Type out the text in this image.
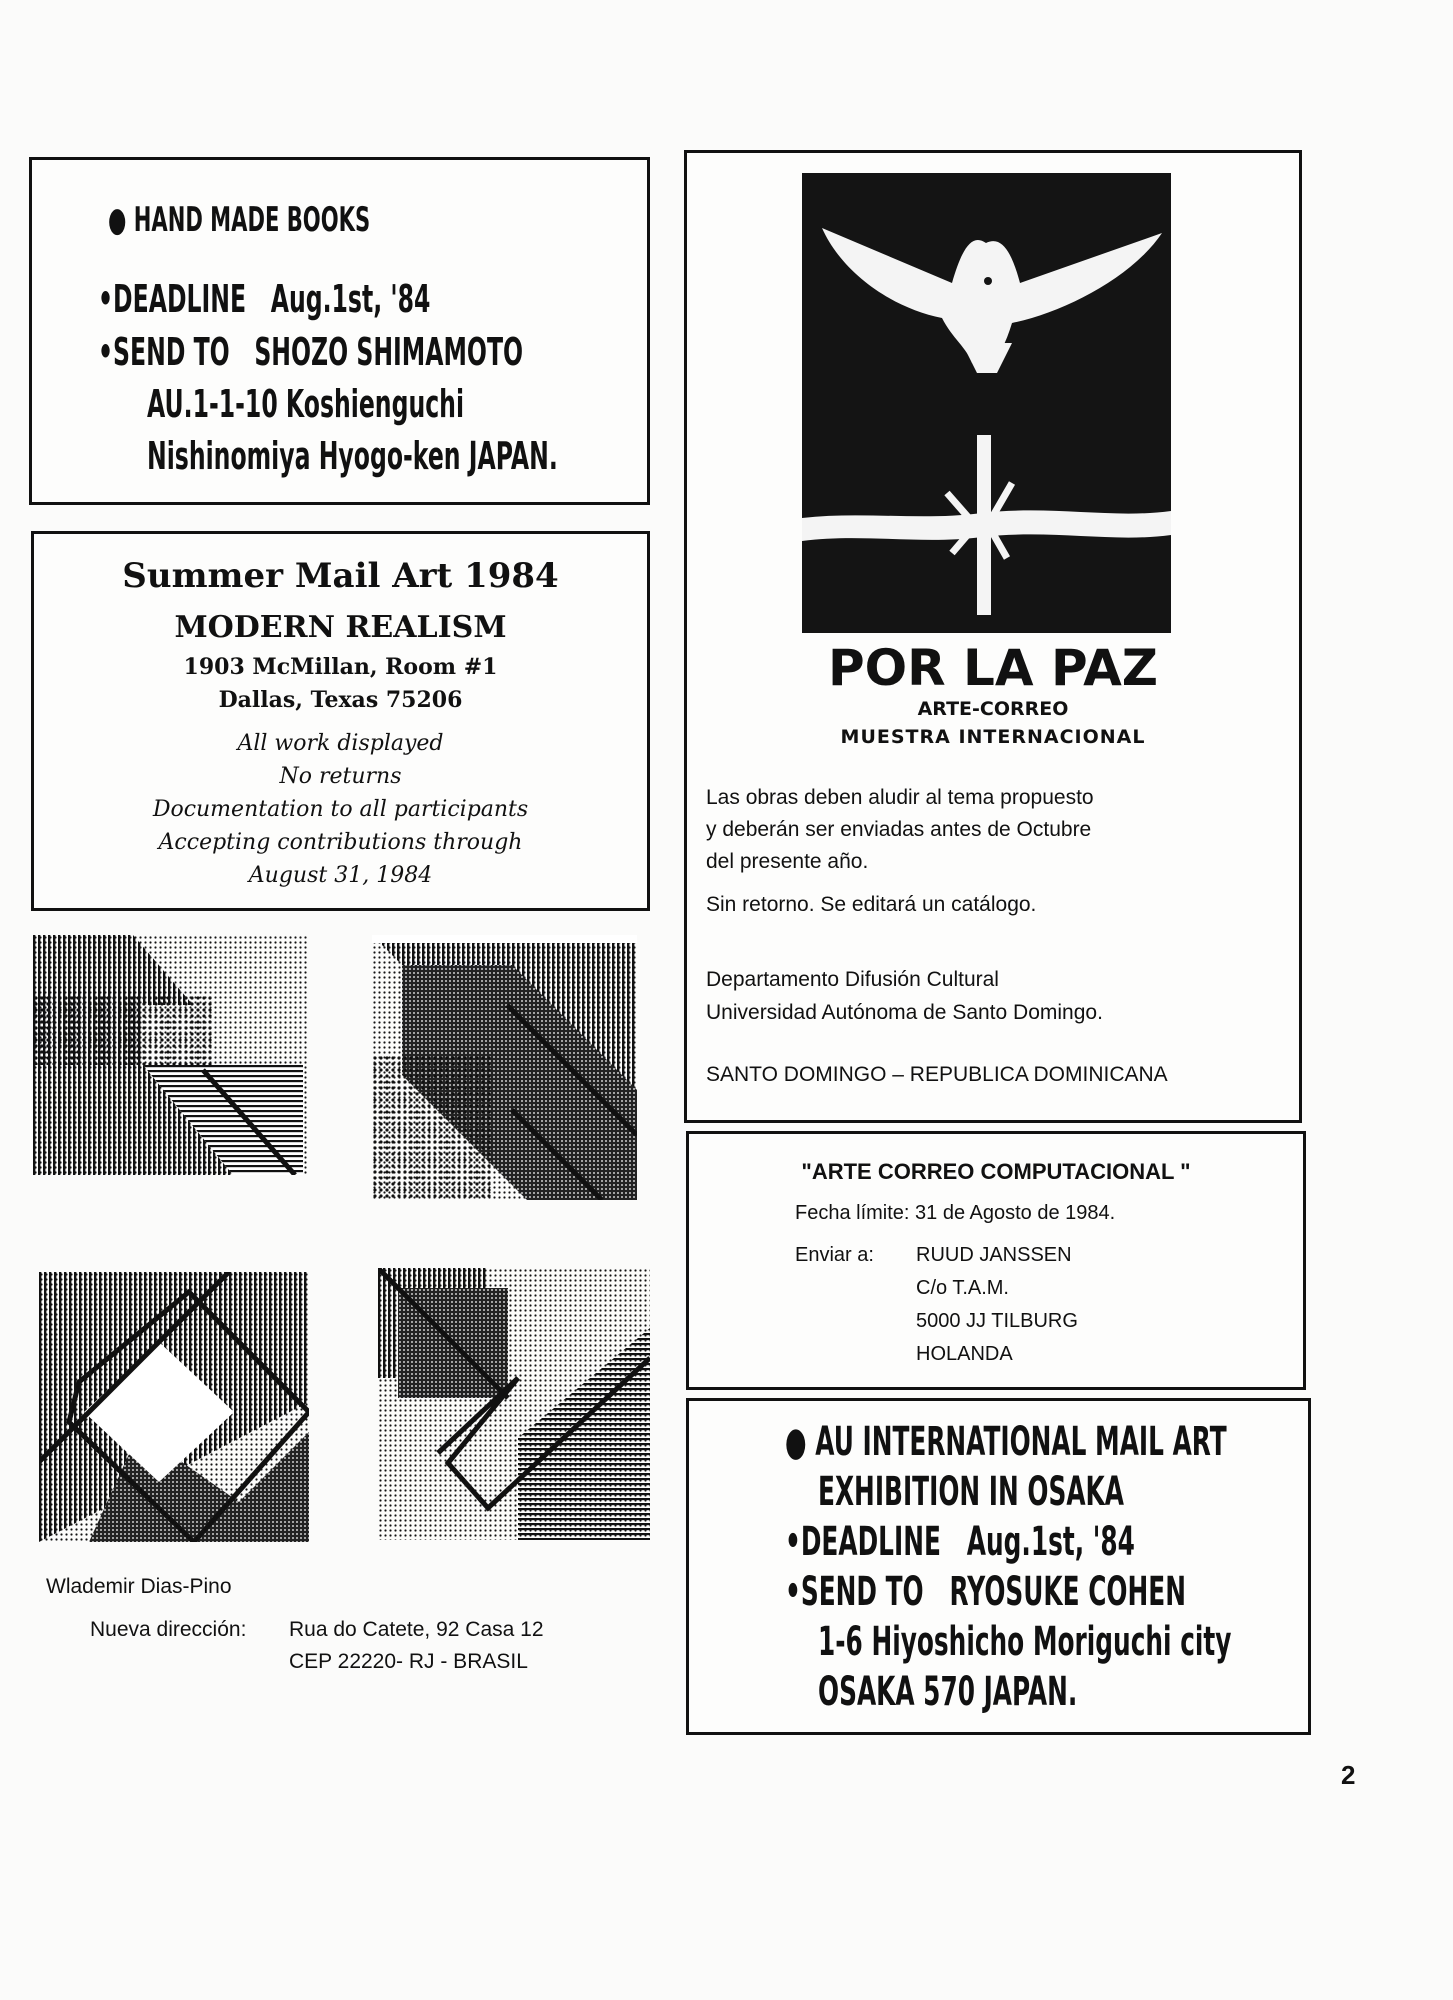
● HAND MADE BOOKS
•DEADLINE Aug.1st, '84
•SEND TO SHOZO SHIMAMOTO
AU.1-1-10 Koshienguchi
Nishinomiya Hyogo-ken JAPAN.
Summer Mail Art 1984
MODERN REALISM
1903 McMillan, Room #1
Dallas, Texas 75206
All work displayed
No returns
Documentation to all participants
Accepting contributions through
August 31, 1984
Wlademir Dias-Pino
Nueva dirección: Rua do Catete, 92 Casa 12
CEP 22220- RJ - BRASIL
POR LA PAZ
ARTE-CORREO
MUESTRA INTERNACIONAL
Las obras deben aludir al tema propuesto
y deberán ser enviadas antes de Octubre
del presente año.
Sin retorno. Se editará un catálogo.
Departamento Difusión Cultural
Universidad Autónoma de Santo Domingo.
SANTO DOMINGO – REPUBLICA DOMINICANA
"ARTE CORREO COMPUTACIONAL "
Fecha límite: 31 de Agosto de 1984.
Enviar a: RUUD JANSSEN
C/o T.A.M.
5000 JJ TILBURG
HOLANDA
● AU INTERNATIONAL MAIL ART
EXHIBITION IN OSAKA
•DEADLINE Aug.1st, '84
•SEND TO RYOSUKE COHEN
1-6 Hiyoshicho Moriguchi city
OSAKA 570 JAPAN.
2
